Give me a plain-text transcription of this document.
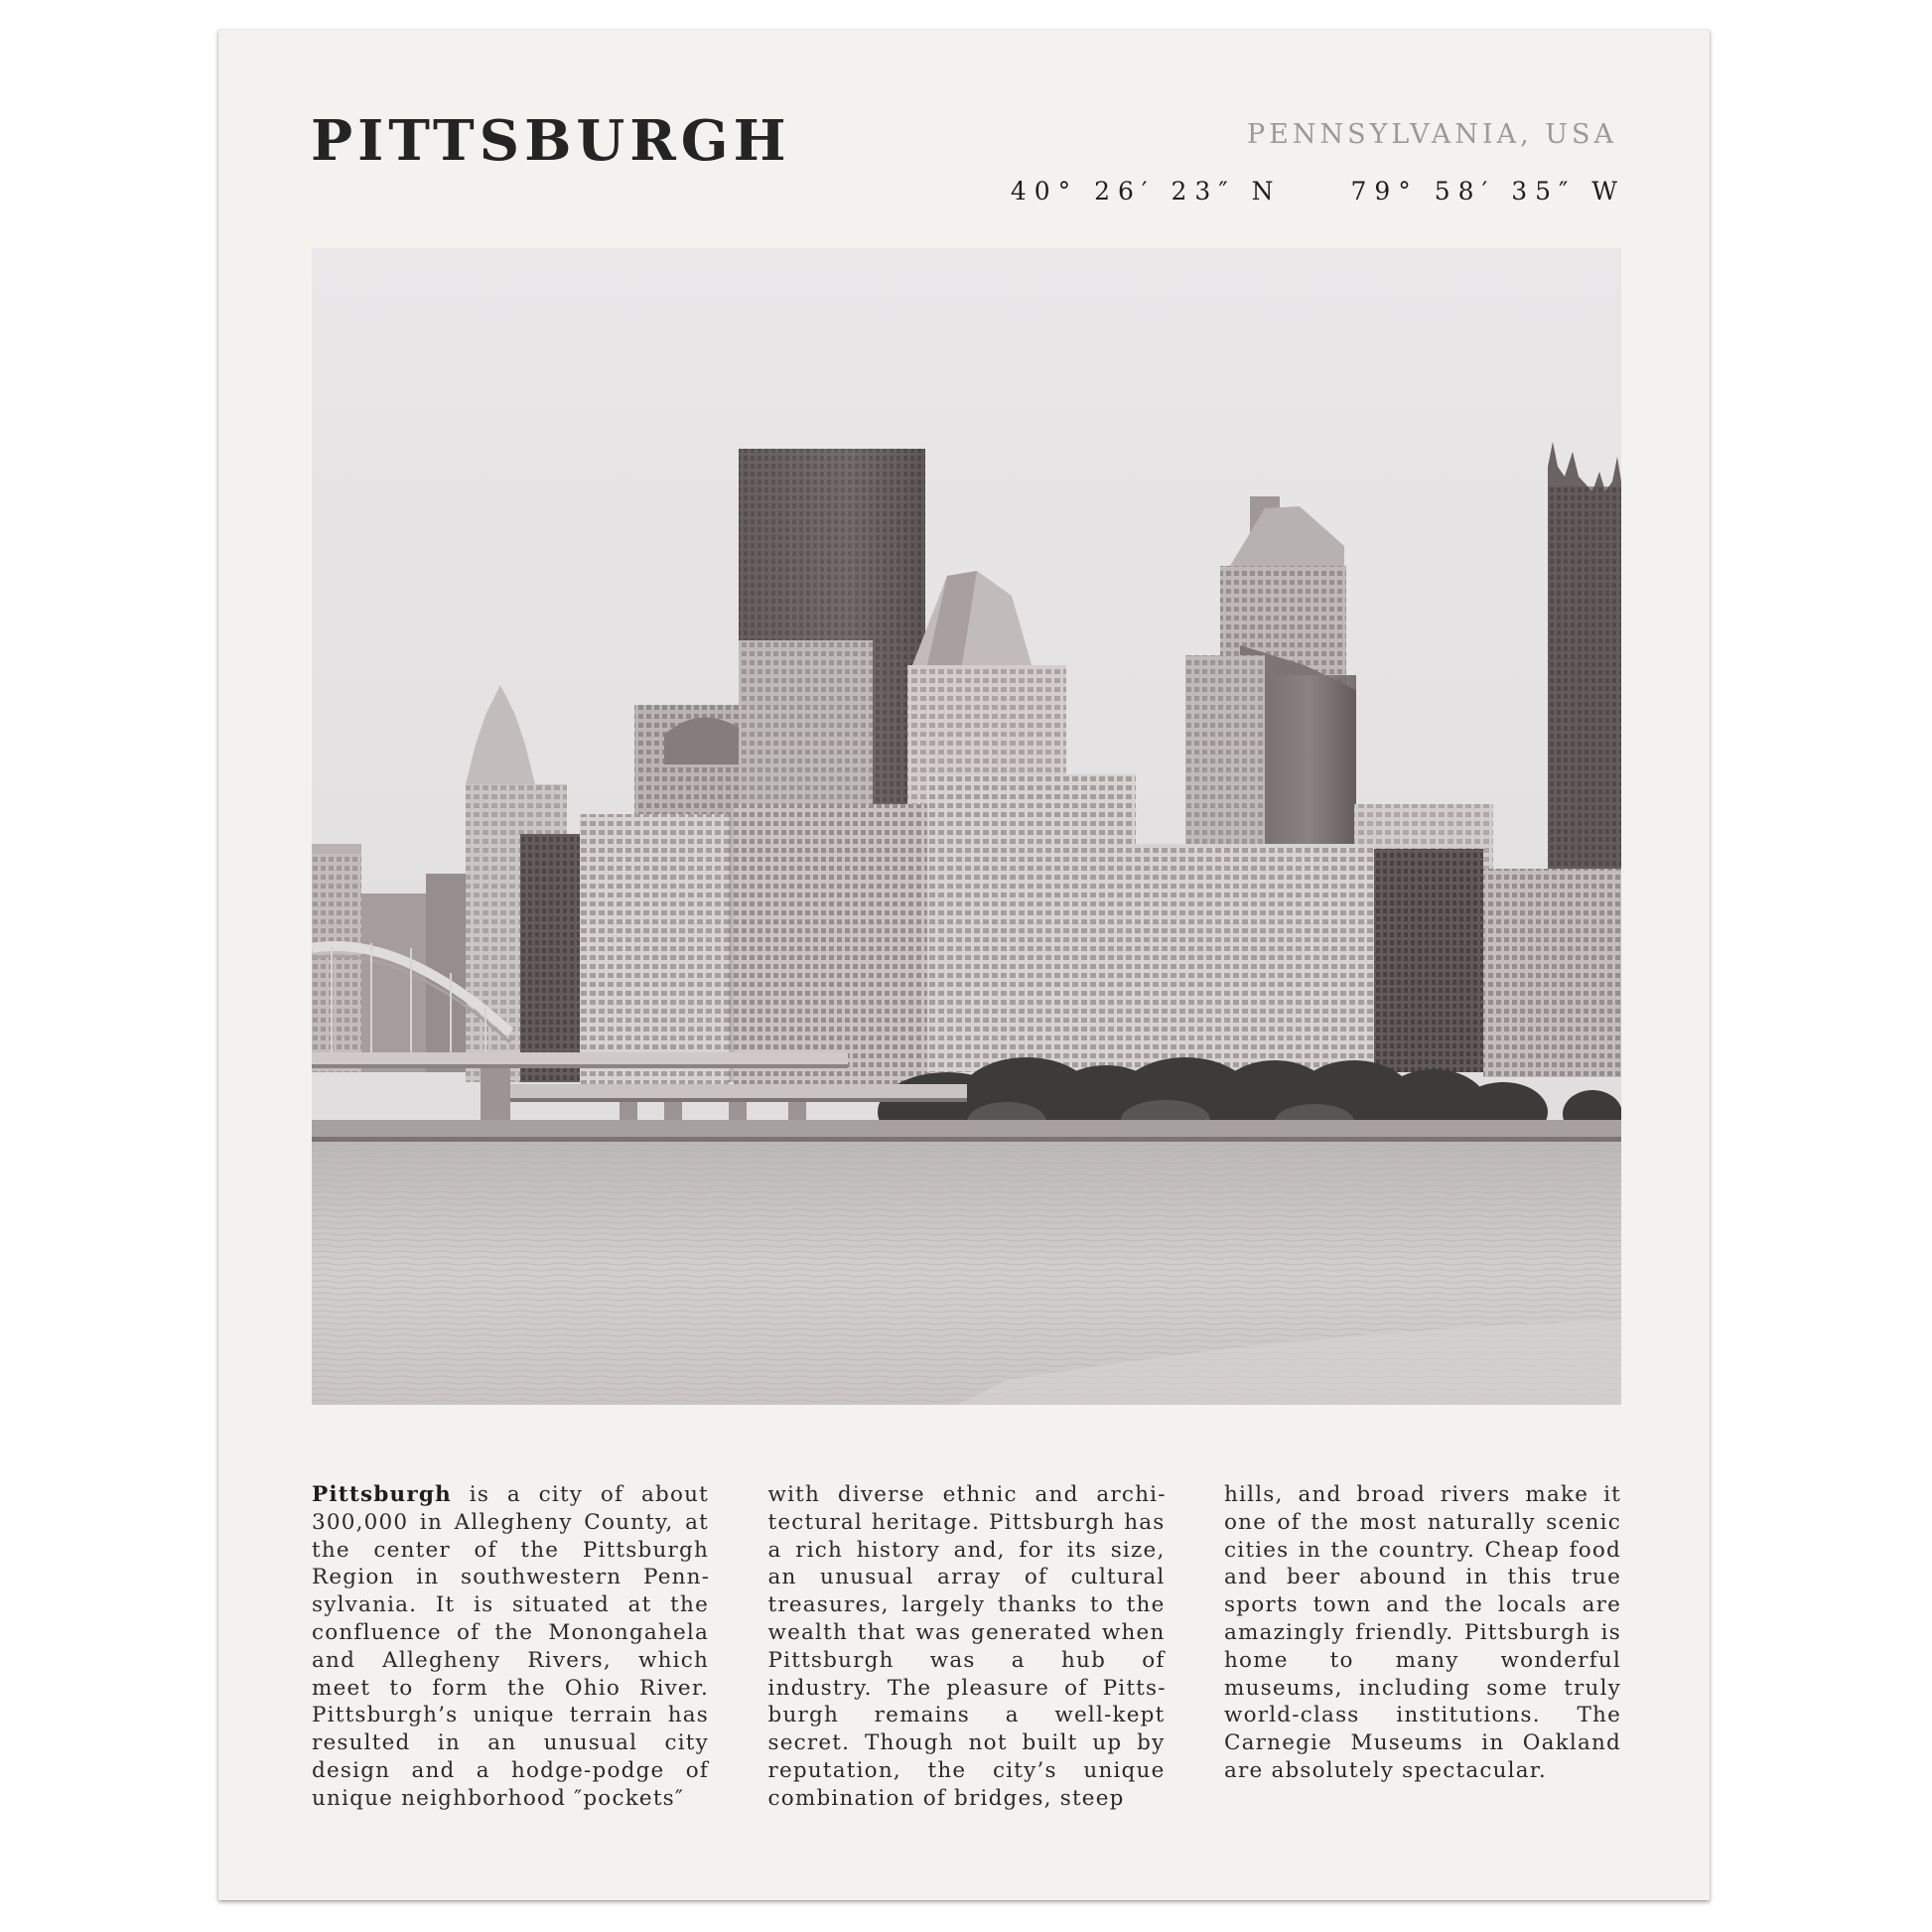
PITTSBURGH	PENNSYLVANIA, USA
40° 26′ 23″ N	79° 58′ 35″ W

Pittsburgh is a city of about 300,000 in Allegheny County, at the center of the Pittsburgh Region in southwestern Pennsylvania. It is situated at the confluence of the Monongahela and Allegheny Rivers, which meet to form the Ohio River. Pittsburgh’s unique terrain has resulted in an unusual city design and a hodge-podge of unique neighborhood ″pockets″

with diverse ethnic and architectural heritage. Pittsburgh has a rich history and, for its size, an unusual array of cultural treasures, largely thanks to the wealth that was generated when Pittsburgh was a hub of industry. The pleasure of Pittsburgh remains a well-kept secret. Though not built up by reputation, the city’s unique combination of bridges, steep

hills, and broad rivers make it one of the most naturally scenic cities in the country. Cheap food and beer abound in this true sports town and the locals are amazingly friendly. Pittsburgh is home to many wonderful museums, including some truly world-class institutions. The Carnegie Museums in Oakland are absolutely spectacular.
